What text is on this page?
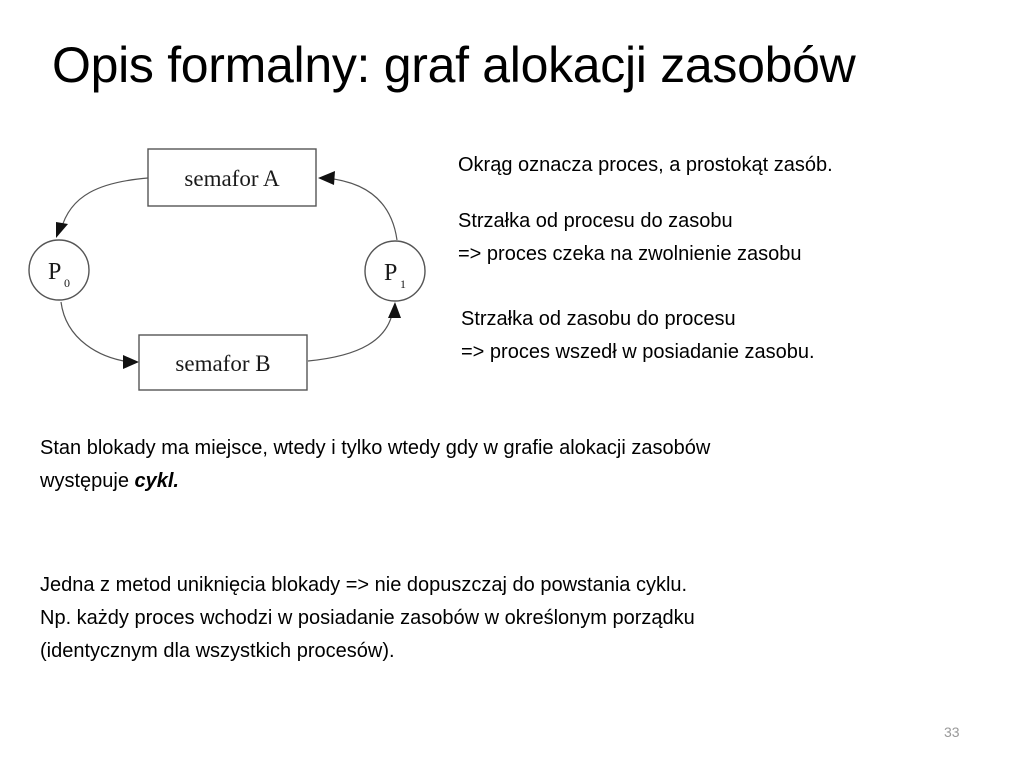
Opis formalny: graf alokacji zasobów
semafor A
semafor B
P 0	P 1
Okrąg oznacza proces, a prostokąt zasób.
Strzałka od procesu do zasobu
=> proces czeka na zwolnienie zasobu
Strzałka od zasobu do procesu
=> proces wszedł w posiadanie zasobu.
Stan blokady ma miejsce, wtedy i tylko wtedy gdy w grafie alokacji zasobów
występuje cykl.
Jedna z metod uniknięcia blokady => nie dopuszczaj do powstania cyklu.
Np. każdy proces wchodzi w posiadanie zasobów w określonym porządku
(identycznym dla wszystkich procesów).
33
